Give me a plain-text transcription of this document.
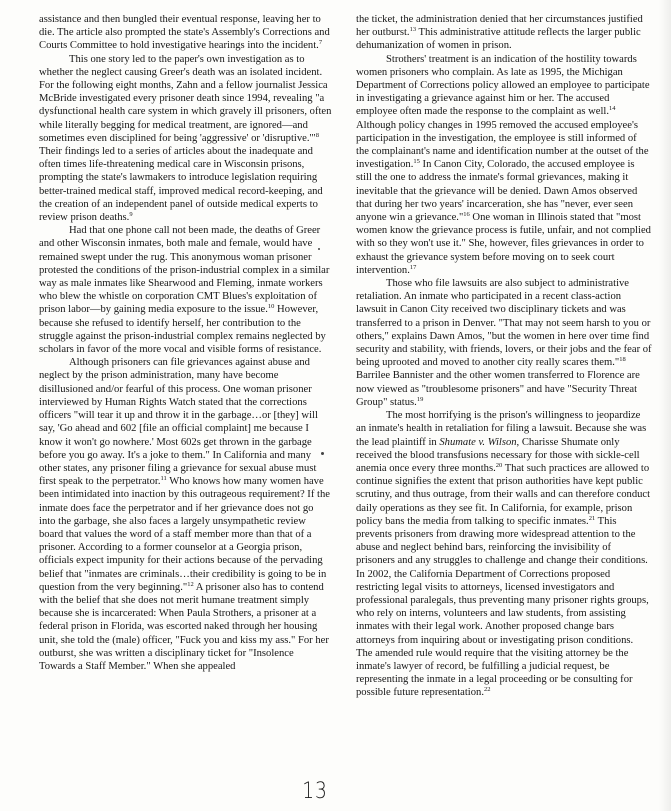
assistance and then bungled their eventual response, leaving her to die. The article also prompted the state's Assembly's Corrections and Courts Committee to hold investigative hearings into the incident.$^7$

This one story led to the paper's own investigation as to whether the neglect causing Greer's death was an isolated incident. For the following eight months, Zahn and a fellow journalist Jessica McBride investigated every prisoner death since 1994, revealing "a dysfunctional health care system in which gravely ill prisoners, often while literally begging for medical treatment, are ignored—and sometimes even disciplined for being 'aggressive' or 'disruptive.'"$^8$ Their findings led to a series of articles about the inadequate and often times life-threatening medical care in Wisconsin prisons, prompting the state's lawmakers to introduce legislation requiring better-trained medical staff, improved medical record-keeping, and the creation of an independent panel of outside medical experts to review prison deaths.$^9$

Had that one phone call not been made, the deaths of Greer and other Wisconsin inmates, both male and female, would have remained swept under the rug. This anonymous woman prisoner protested the conditions of the prison-industrial complex in a similar way as male inmates like Shearwood and Fleming, inmate workers who blew the whistle on corporation CMT Blues's exploitation of prison labor—by gaining media exposure to the issue.$^{10}$ However, because she refused to identify herself, her contribution to the struggle against the prison-industrial complex remains neglected by scholars in favor of the more vocal and visible forms of resistance.

Although prisoners can file grievances against abuse and neglect by the prison administration, many have become disillusioned and/or fearful of this process. One woman prisoner interviewed by Human Rights Watch stated that the corrections officers "will tear it up and throw it in the garbage…or [they] will say, 'Go ahead and 602 [file an official complaint] me because I know it won't go nowhere.' Most 602s get thrown in the garbage before you go away. It's a joke to them." In California and many other states, any prisoner filing a grievance for sexual abuse must first speak to the perpetrator.$^{11}$ Who knows how many women have been intimidated into inaction by this outrageous requirement? If the inmate does face the perpetrator and if her grievance does not go into the garbage, she also faces a largely unsympathetic review board that values the word of a staff member more than that of a prisoner. According to a former counselor at a Georgia prison, officials expect impunity for their actions because of the pervading belief that "inmates are criminals…their credibility is going to be in question from the very beginning."$^{12}$ A prisoner also has to contend with the belief that she does not merit humane treatment simply because she is incarcerated: When Paula Strothers, a prisoner at a federal prison in Florida, was escorted naked through her housing unit, she told the (male) officer, "Fuck you and kiss my ass." For her outburst, she was written a disciplinary ticket for "Insolence Towards a Staff Member." When she appealed

the ticket, the administration denied that her circumstances justified her outburst.$^{13}$ This administrative attitude reflects the larger public dehumanization of women in prison.

Strothers' treatment is an indication of the hostility towards women prisoners who complain. As late as 1995, the Michigan Department of Corrections policy allowed an employee to participate in investigating a grievance against him or her. The accused employee often made the response to the complaint as well.$^{14}$ Although policy changes in 1995 removed the accused employee's participation in the investigation, the employee is still informed of the complainant's name and identification number at the outset of the investigation.$^{15}$ In Canon City, Colorado, the accused employee is still the one to address the inmate's formal grievances, making it inevitable that the grievance will be denied. Dawn Amos observed that during her two years' incarceration, she has "never, ever seen anyone win a grievance."$^{16}$ One woman in Illinois stated that "most women know the grievance process is futile, unfair, and not complied with so they won't use it." She, however, files grievances in order to exhaust the grievance system before moving on to seek court intervention.$^{17}$

Those who file lawsuits are also subject to administrative retaliation. An inmate who participated in a recent class-action lawsuit in Canon City received two disciplinary tickets and was transferred to a prison in Denver. "That may not seem harsh to you or others," explains Dawn Amos, "but the women in here over time find security and stability, with friends, lovers, or their jobs and the fear of being uprooted and moved to another city really scares them."$^{18}$ Barrilee Bannister and the other women transferred to Florence are now viewed as "troublesome prisoners" and have "Security Threat Group" status.$^{19}$

The most horrifying is the prison's willingness to jeopardize an inmate's health in retaliation for filing a lawsuit. Because she was the lead plaintiff in Shumate v. Wilson, Charisse Shumate only received the blood transfusions necessary for those with sickle-cell anemia once every three months.$^{20}$ That such practices are allowed to continue signifies the extent that prison authorities have kept public scrutiny, and thus outrage, from their walls and can therefore conduct daily operations as they see fit. In California, for example, prison policy bans the media from talking to specific inmates.$^{21}$ This prevents prisoners from drawing more widespread attention to the abuse and neglect behind bars, reinforcing the invisibility of prisoners and any struggles to challenge and change their conditions. In 2002, the California Department of Corrections proposed restricting legal visits to attorneys, licensed investigators and professional paralegals, thus preventing many prisoner rights groups, who rely on interns, volunteers and law students, from assisting inmates with their legal work. Another proposed change bars attorneys from inquiring about or investigating prison conditions. The amended rule would require that the visiting attorney be the inmate's lawyer of record, be fulfilling a judicial request, be representing the inmate in a legal proceeding or be consulting for possible future representation.$^{22}$

13
